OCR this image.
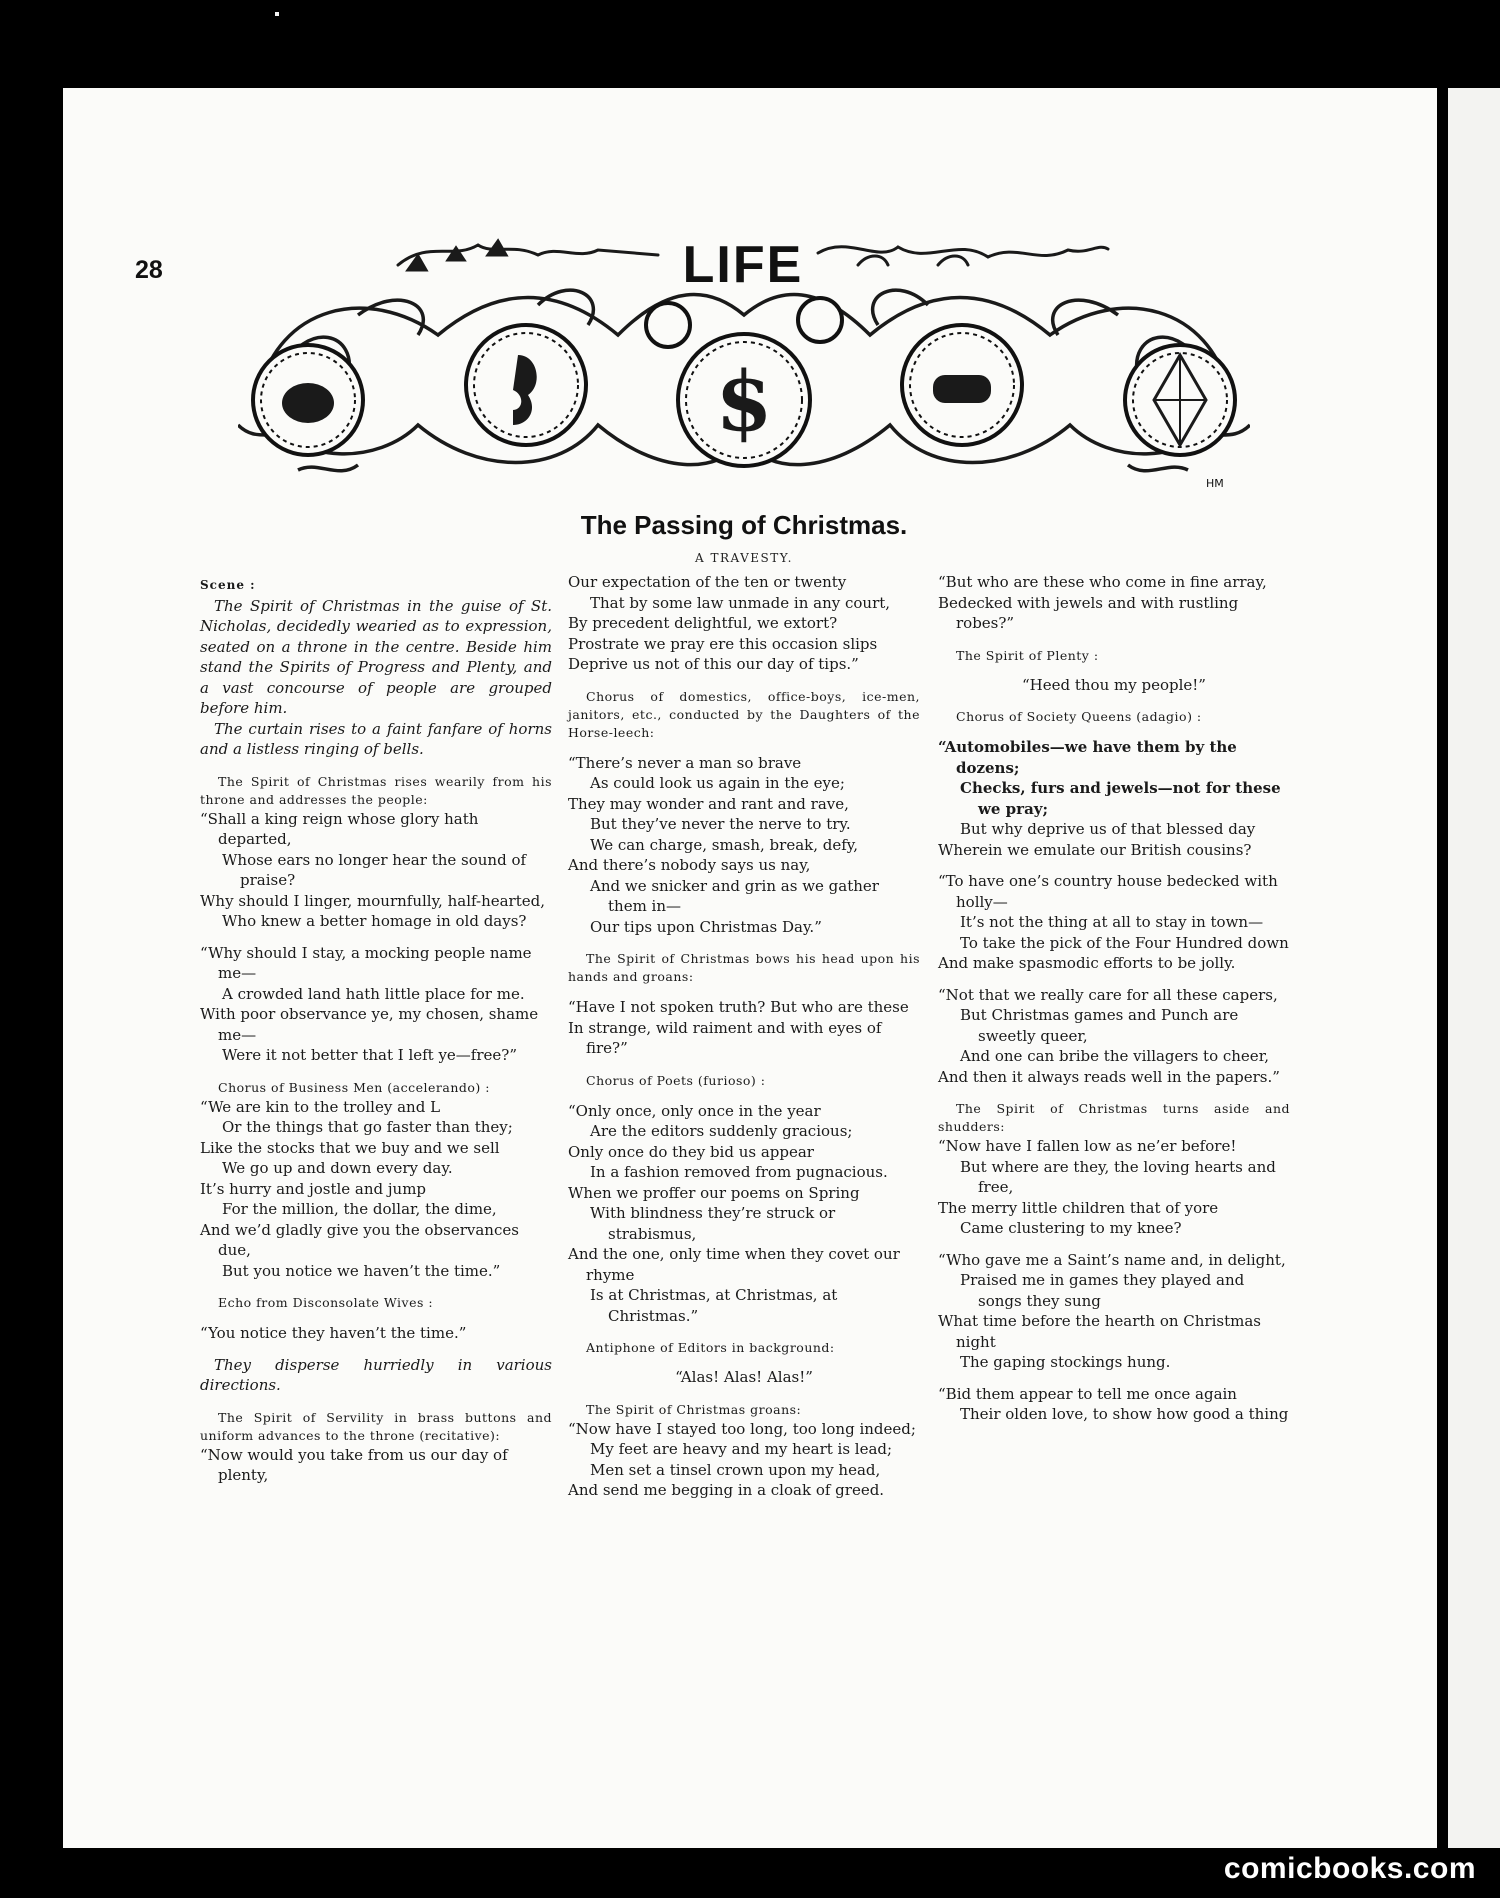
28
$
HM
LIFE
The Passing of Christmas.
A TRAVESTY.

Scene :

The Spirit of Christmas in the guise of St. Nicholas, decidedly wearied as to expression, seated on a throne in the centre. Beside him stand the Spirits of Progress and Plenty, and a vast concourse of people are grouped before him.

The curtain rises to a faint fanfare of horns and a listless ringing of bells.

The Spirit of Christmas rises wearily from his throne and addresses the people:

“Shall a king reign whose glory hath departed,

Whose ears no longer hear the sound of praise?

Why should I linger, mournfully, half-hearted,

Who knew a better homage in old days?

“Why should I stay, a mocking people name me—

A crowded land hath little place for me.

With poor observance ye, my chosen, shame me—

Were it not better that I left ye—free?”

Chorus of Business Men (accelerando) :

“We are kin to the trolley and L

Or the things that go faster than they;

Like the stocks that we buy and we sell

We go up and down every day.

It’s hurry and jostle and jump

For the million, the dollar, the dime,

And we’d gladly give you the observances due,

But you notice we haven’t the time.”

Echo from Disconsolate Wives :

“You notice they haven’t the time.”

They disperse hurriedly in various directions.

The Spirit of Servility in brass buttons and uniform advances to the throne (recitative):

“Now would you take from us our day of plenty,

Our expectation of the ten or twenty

That by some law unmade in any court,

By precedent delightful, we extort?

Prostrate we pray ere this occasion slips

Deprive us not of this our day of tips.”

Chorus of domestics, office-boys, ice-men, janitors, etc., conducted by the Daughters of the Horse-leech:

“There’s never a man so brave

As could look us again in the eye;

They may wonder and rant and rave,

But they’ve never the nerve to try.

We can charge, smash, break, defy,

And there’s nobody says us nay,

And we snicker and grin as we gather them in—

Our tips upon Christmas Day.”

The Spirit of Christmas bows his head upon his hands and groans:

“Have I not spoken truth? But who are these

In strange, wild raiment and with eyes of fire?”

Chorus of Poets (furioso) :

“Only once, only once in the year

Are the editors suddenly gracious;

Only once do they bid us appear

In a fashion removed from pugnacious.

When we proffer our poems on Spring

With blindness they’re struck or strabismus,

And the one, only time when they covet our rhyme

Is at Christmas, at Christmas, at Christmas.”

Antiphone of Editors in background:

“Alas! Alas! Alas!”

The Spirit of Christmas groans:

“Now have I stayed too long, too long indeed;

My feet are heavy and my heart is lead;

Men set a tinsel crown upon my head,

And send me begging in a cloak of greed.

“But who are these who come in fine array,

Bedecked with jewels and with rustling robes?”

The Spirit of Plenty :

“Heed thou my people!”

Chorus of Society Queens (adagio) :

“Automobiles—we have them by the dozens;

Checks, furs and jewels—not for these we pray;

But why deprive us of that blessed day

Wherein we emulate our British cousins?

“To have one’s country house bedecked with holly—

It’s not the thing at all to stay in town—

To take the pick of the Four Hundred down

And make spasmodic efforts to be jolly.

“Not that we really care for all these capers,

But Christmas games and Punch are sweetly queer,

And one can bribe the villagers to cheer,

And then it always reads well in the papers.”

The Spirit of Christmas turns aside and shudders:

“Now have I fallen low as ne’er before!

But where are they, the loving hearts and free,

The merry little children that of yore

Came clustering to my knee?

“Who gave me a Saint’s name and, in delight,

Praised me in games they played and songs they sung

What time before the hearth on Christmas night

The gaping stockings hung.

“Bid them appear to tell me once again

Their olden love, to show how good a thing

comicbooks.com
